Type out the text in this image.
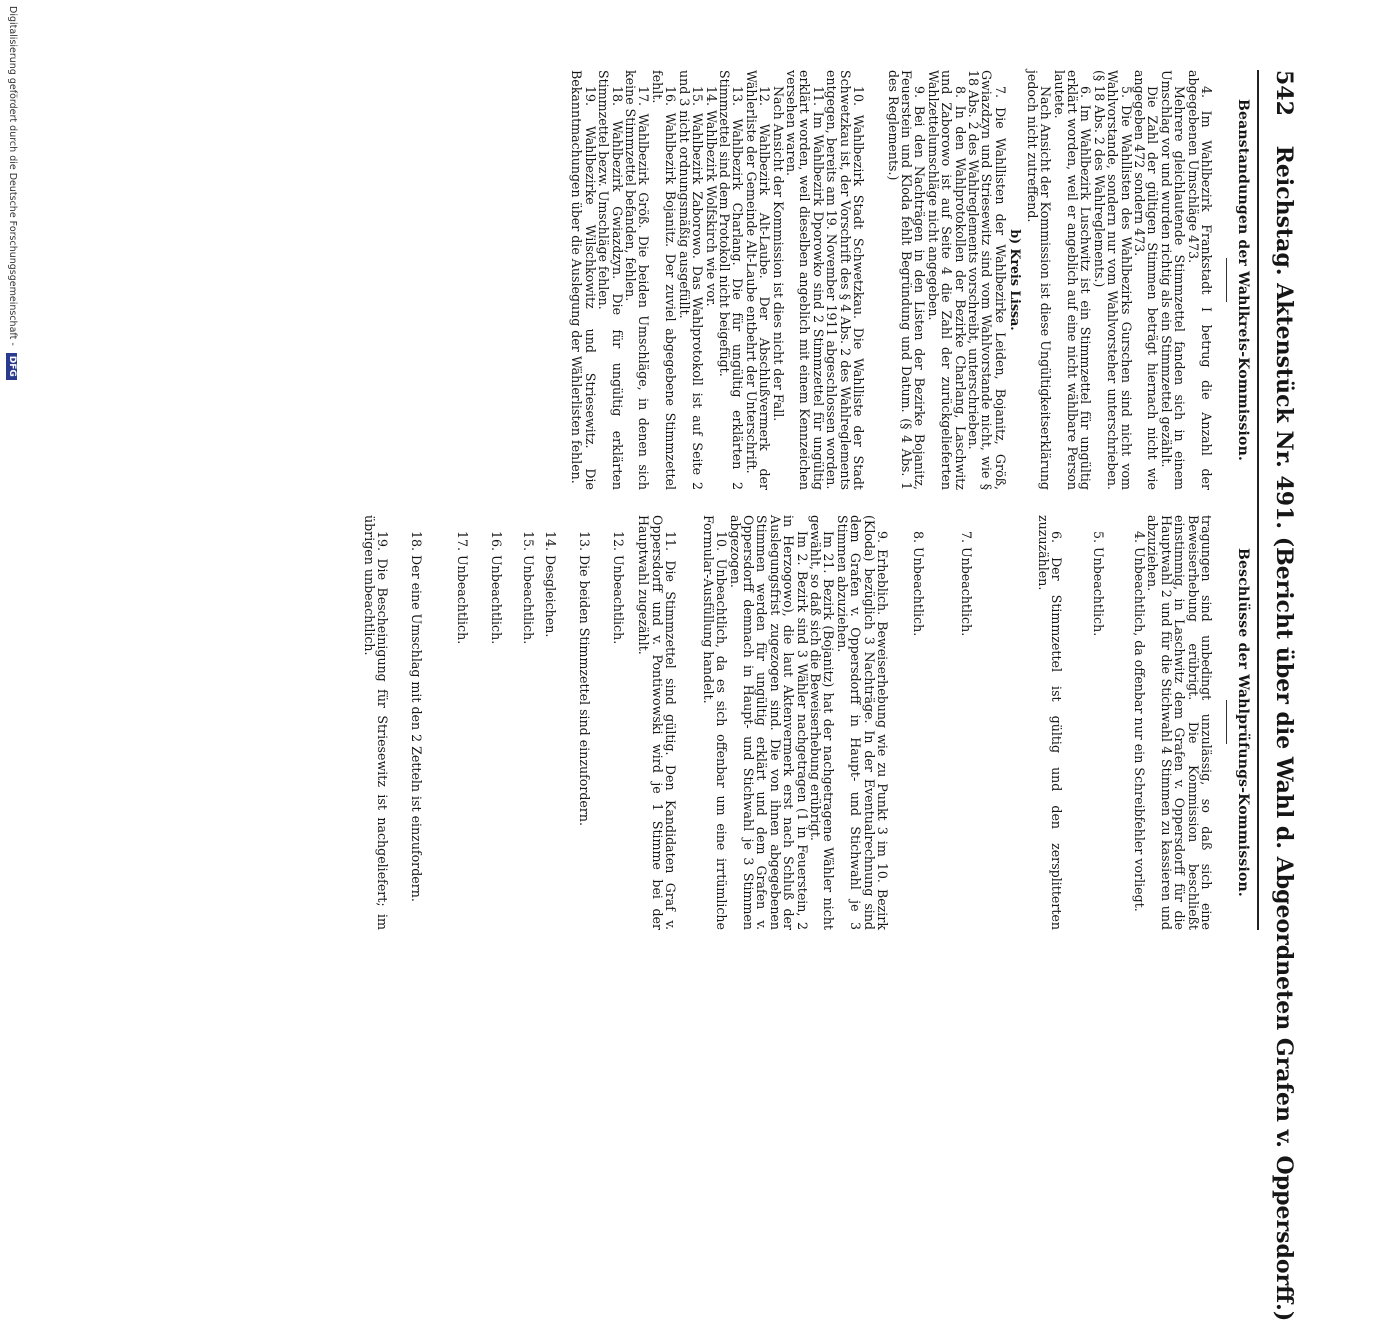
542 Reichstag. Aktenstück Nr. 491. (Bericht über die Wahl d. Abgeordneten Grafen v. Oppersdorff.)
Beanstandungen der Wahlkreis-Kommission.
Beschlüsse der Wahlprüfungs-Kommission.

4. Im Wahlbezirk Frankstadt I betrug die Anzahl der abgegebenen Umschläge 473.

Mehrere gleichlautende Stimmzettel fanden sich in einem Umschlag vor und wurden richtig als ein Stimmzettel gezählt.

Die Zahl der gültigen Stimmen beträgt hiernach nicht wie angegeben 472 sondern 473.

5. Die Wahllisten des Wahlbezirks Gurschen sind nicht vom Wahlvorstande, sondern nur vom Wahlvorsteher unterschrieben. (§ 18 Abs. 2 des Wahlreglements.)

6. Im Wahlbezirk Luschwitz ist ein Stimmzettel für ungültig erklärt worden, weil er angeblich auf eine nicht wählbare Person lautete.

Nach Ansicht der Kommission ist diese Ungültigkeitserklärung jedoch nicht zutreffend.

b) Kreis Lissa.

7. Die Wahllisten der Wahlbezirke Leiden, Bojanitz, Größ, Gwiazdzyn und Striesewitz sind vom Wahlvorstande nicht, wie § 18 Abs. 2 des Wahlreglements vorschreibt, unterschrieben.

8. In den Wahlprotokollen der Bezirke Charlang, Laschwitz und Zaborowo ist auf Seite 4 die Zahl der zurückgelieferten Wahlzettelumschläge nicht angegeben.

9. Bei den Nachträgen in den Listen der Bezirke Bojanitz, Feuerstein und Kloda fehlt Begründung und Datum. (§ 4 Abs. 1 des Reglements.)

10. Wahlbezirk Stadt Schwetzkau. Die Wahlliste der Stadt Schwetzkau ist, der Vorschrift des § 4 Abs. 2 des Wahlreglements entgegen, bereits am 19. November 1911 abgeschlossen worden.

11. Im Wahlbezirk Dporowko sind 2 Stimmzettel für ungültig erklärt worden, weil dieselben angeblich mit einem Kennzeichen versehen waren.

Nach Ansicht der Kommission ist dies nicht der Fall.

12. Wahlbezirk Alt-Laube. Der Abschlußvermerk der Wählerliste der Gemeinde Alt-Laube entbehrt der Unterschrift.

13. Wahlbezirk Charlang. Die für ungültig erklärten 2 Stimmzettel sind dem Protokoll nicht beigefügt.

14. Wahlbezirk Wolfskirch wie vor.

15. Wahlbezirk Zaborowo. Das Wahlprotokoll ist auf Seite 2 und 3 nicht ordnungsmäßig ausgefüllt.

16. Wahlbezirk Bojanitz. Der zuviel abgegebene Stimmzettel fehlt.

17. Wahlbezirk Größ. Die beiden Umschläge, in denen sich keine Stimmzettel befanden, fehlen.

18. Wahlbezirk Gwiazdzyn. Die für ungültig erklärten Stimmzettel bezw. Umschläge fehlen.

19. Wahlbezirke Wilschkowitz und Striesewitz. Die Bekanntmachungen über die Auslegung der Wählerlisten fehlen.

tragungen sind unbedingt unzulässig, so daß sich eine Beweiserhebung erübrigt. Die Kommission beschließt einstimmig, in Laschwitz dem Grafen v. Oppersdorff für die Hauptwahl 2 und für die Stichwahl 4 Stimmen zu kassieren und abzuziehen.

4. Unbeachtlich, da offenbar nur ein Schreibfehler vorliegt.

5. Unbeachtlich.

6. Der Stimmzettel ist gültig und den zersplitterten zuzuzählen.

7. Unbeachtlich.

8. Unbeachtlich.

9. Erheblich. Beweiserhebung wie zu Punkt 3 im 10. Bezirk (Kloda) bezüglich 3 Nachträge. In der Eventualrechnung sind dem Grafen v. Oppersdorff in Haupt- und Stichwahl je 3 Stimmen abzuziehen.

Im 21. Bezirk (Bojanitz) hat der nachgetragene Wähler nicht gewählt, so daß sich die Beweiserhebung erübrigt.

Im 2. Bezirk sind 3 Wähler nachgetragen (1 in Feuerstein, 2 in Herzogowo), die laut Aktenvermerk erst nach Schluß der Auslegungsfrist zugezogen sind. Die von ihnen abgegebenen Stimmen werden für ungültig erklärt und dem Grafen v. Oppersdorff demnach in Haupt- und Stichwahl je 3 Stimmen abgezogen.

10. Unbeachtlich, da es sich offenbar um eine irrtümliche Formular-Ausfüllung handelt.

11. Die Stimmzettel sind gültig. Den Kandidaten Graf v. Oppersdorff und v. Pontiwowski wird je 1 Stimme bei der Hauptwahl zugezählt.

12. Unbeachtlich.

13. Die beiden Stimmzettel sind einzufordern.

14. Desgleichen.

15. Unbeachtlich.

16. Unbeachtlich.

17. Unbeachtlich.

18. Der eine Umschlag mit den 2 Zetteln ist einzufordern.

19. Die Bescheinigung für Striesewitz ist nachgeliefert; im übrigen unbeachtlich.

Digitalisierung gefördert durch die Deutsche Forschungsgemeinschaft - DFG
